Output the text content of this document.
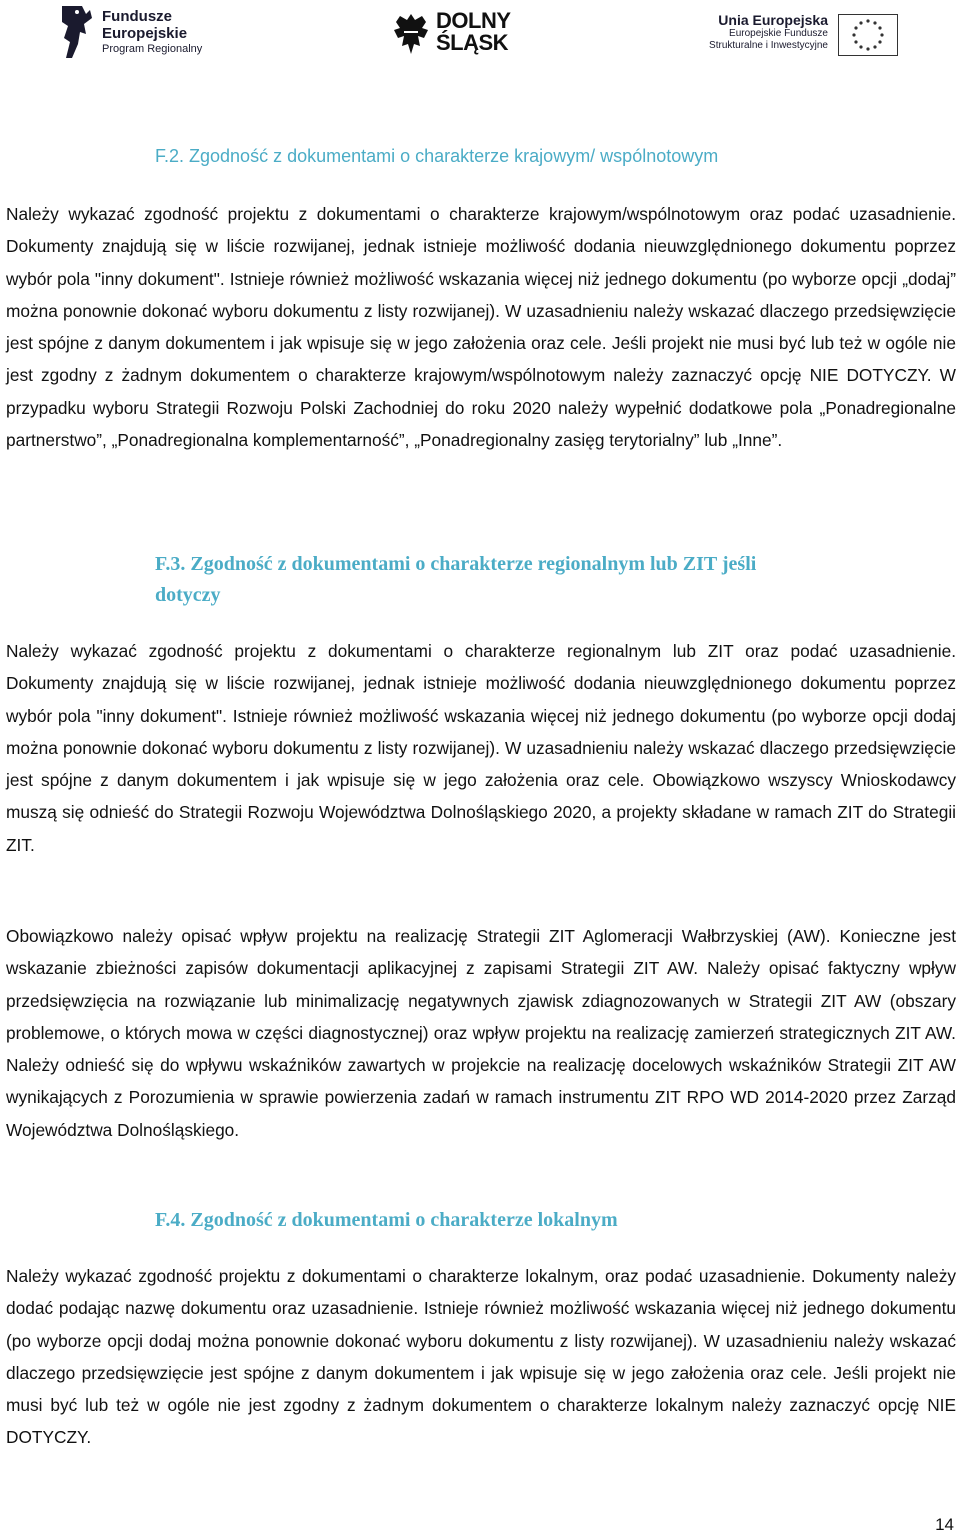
Fundusze
Europejskie
Program Regionalny
DOLNY
ŚLĄSK
Unia Europejska
Europejskie Fundusze
Strukturalne i Inwestycyjne
F.2. Zgodność z dokumentami o charakterze krajowym/ wspólnotowym

Należy wykazać zgodność projektu z dokumentami o charakterze krajowym/wspólnotowym oraz podać uzasadnienie. Dokumenty znajdują się w liście rozwijanej, jednak istnieje możliwość dodania nieuwzględnionego dokumentu poprzez wybór pola "inny dokument". Istnieje również możliwość wskazania więcej niż jednego dokumentu (po wyborze opcji „dodaj” można ponownie dokonać wyboru dokumentu z listy rozwijanej). W uzasadnieniu należy wskazać dlaczego przedsięwzięcie jest spójne z danym dokumentem i jak wpisuje się w jego założenia oraz cele. Jeśli projekt nie musi być lub też w ogóle nie jest zgodny z żadnym dokumentem o charakterze krajowym/wspólnotowym należy zaznaczyć opcję NIE DOTYCZY. W przypadku wyboru Strategii Rozwoju Polski Zachodniej do roku 2020 należy wypełnić dodatkowe pola „Ponadregionalne partnerstwo”, „Ponadregionalna komplementarność”, „Ponadregionalny zasięg terytorialny” lub „Inne”.

F.3. Zgodność z dokumentami o charakterze regionalnym lub ZIT jeśli
dotyczy

Należy wykazać zgodność projektu z dokumentami o charakterze regionalnym lub ZIT oraz podać uzasadnienie. Dokumenty znajdują się w liście rozwijanej, jednak istnieje możliwość dodania nieuwzględnionego dokumentu poprzez wybór pola "inny dokument". Istnieje również możliwość wskazania więcej niż jednego dokumentu (po wyborze opcji dodaj można ponownie dokonać wyboru dokumentu z listy rozwijanej). W uzasadnieniu należy wskazać dlaczego przedsięwzięcie jest spójne z danym dokumentem i jak wpisuje się w jego założenia oraz cele. Obowiązkowo wszyscy Wnioskodawcy muszą się odnieść do Strategii Rozwoju Województwa Dolnośląskiego 2020, a projekty składane w ramach ZIT do Strategii ZIT.

Obowiązkowo należy opisać wpływ projektu na realizację Strategii ZIT Aglomeracji Wałbrzyskiej (AW). Konieczne jest wskazanie zbieżności zapisów dokumentacji aplikacyjnej z zapisami Strategii ZIT AW. Należy opisać faktyczny wpływ przedsięwzięcia na rozwiązanie lub minimalizację negatywnych zjawisk zdiagnozowanych w Strategii ZIT AW (obszary problemowe, o których mowa w części diagnostycznej) oraz wpływ projektu na realizację zamierzeń strategicznych ZIT AW. Należy odnieść się do wpływu wskaźników zawartych w projekcie na realizację docelowych wskaźników Strategii ZIT AW wynikających z Porozumienia w sprawie powierzenia zadań w ramach instrumentu ZIT RPO WD 2014-2020 przez Zarząd Województwa Dolnośląskiego.

F.4. Zgodność z dokumentami o charakterze lokalnym

Należy wykazać zgodność projektu z dokumentami o charakterze lokalnym, oraz podać uzasadnienie. Dokumenty należy dodać podając nazwę dokumentu oraz uzasadnienie. Istnieje również możliwość wskazania więcej niż jednego dokumentu (po wyborze opcji dodaj można ponownie dokonać wyboru dokumentu z listy rozwijanej). W uzasadnieniu należy wskazać dlaczego przedsięwzięcie jest spójne z danym dokumentem i jak wpisuje się w jego założenia oraz cele. Jeśli projekt nie musi być lub też w ogóle nie jest zgodny z żadnym dokumentem o charakterze lokalnym należy zaznaczyć opcję NIE DOTYCZY.

14
